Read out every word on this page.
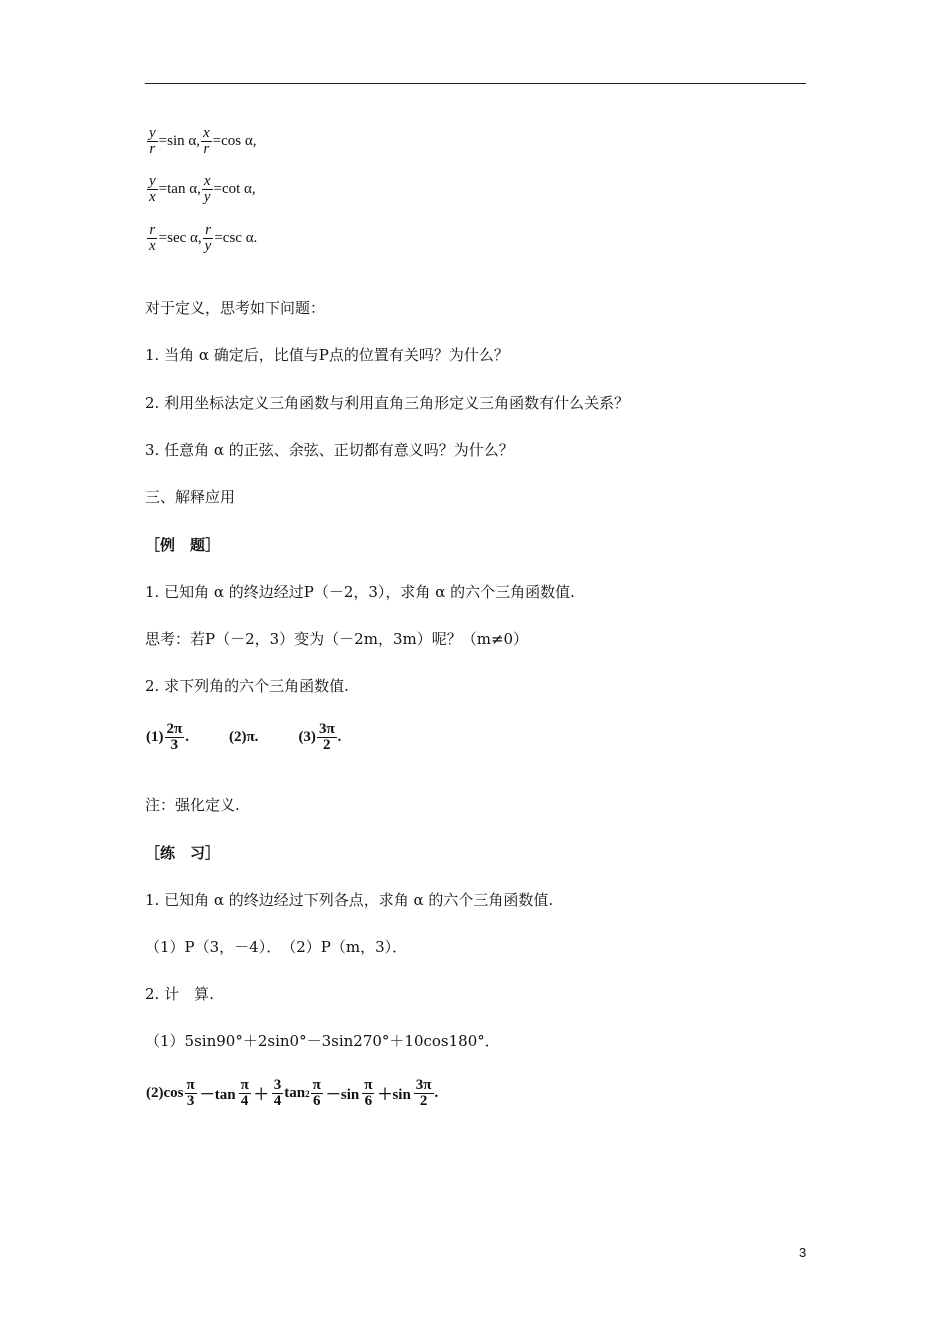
$\frac{y}{r} =\sin$ α, $\frac{x}{r} =\cos$ α,
$\frac{y}{x} =\tan$ α, $\frac{x}{y} =\cot$ α,
$\frac{r}{x} =\sec$ α, $\frac{r}{y} =\csc$ α.
对于定义，思考如下问题：
1. 当角 α 确定后，比值与P点的位置有关吗？为什么？
2. 利用坐标法定义三角函数与利用直角三角形定义三角函数有什么关系？
3. 任意角 α 的正弦、余弦、正切都有意义吗？为什么？
三、解释应用
［例　题］
1. 已知角 α 的终边经过P（－2，3），求角 α 的六个三角函数值.
思考：若P（－2，3）变为（－2m，3m）呢？（m≠0）
2. 求下列角的六个三角函数值.
$(1) \frac{2\pi}{3}$ .	(2)π.	$(3) \frac{3\pi}{2}$ .
注：强化定义.
［练　习］
1. 已知角 α 的终边经过下列各点，求角 α 的六个三角函数值.
（1）P（3，－4）．　（2）P（m，3）．
2. 计　算.
（1）5sin90°＋2sin0°－3sin270°＋10cos180°．
$(2)\cos \frac{\pi}{3} -\tan \frac{\pi}{4} + \frac{3}{4}$ $\tan 2 \frac{\pi}{6} -\sin \frac{\pi}{6} +\sin \frac{3\pi}{2}$ .
3
